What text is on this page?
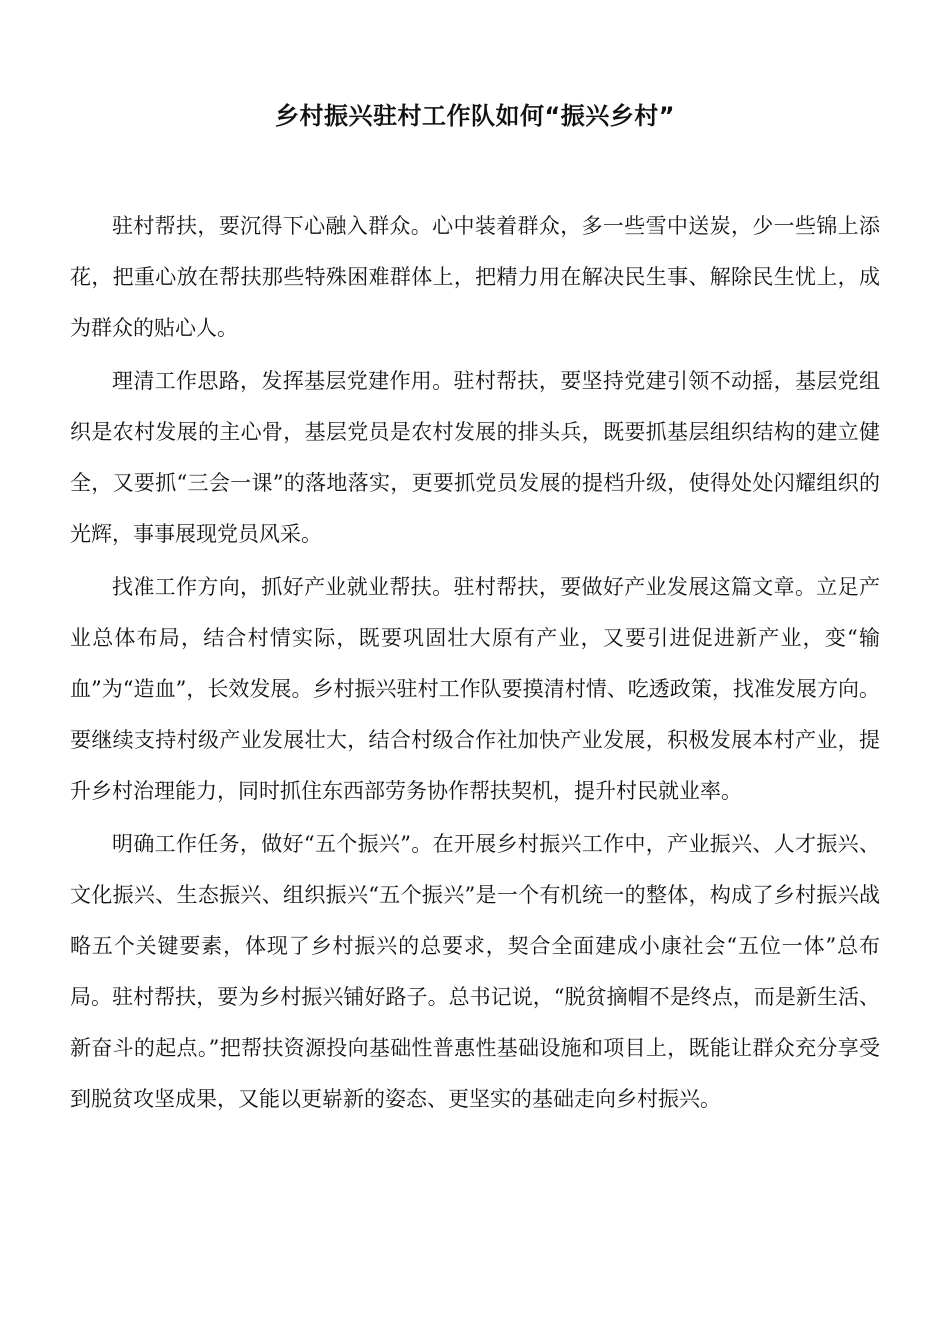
乡村振兴驻村工作队如何“振兴乡村”

驻村帮扶，要沉得下心融入群众。心中装着群众，多一些雪中送炭，少一些锦上添花，把重心放在帮扶那些特殊困难群体上，把精力用在解决民生事、解除民生忧上，成为群众的贴心人。

理清工作思路，发挥基层党建作用。驻村帮扶，要坚持党建引领不动摇，基层党组织是农村发展的主心骨，基层党员是农村发展的排头兵，既要抓基层组织结构的建立健全，又要抓“三会一课”的落地落实，更要抓党员发展的提档升级，使得处处闪耀组织的光辉，事事展现党员风采。

找准工作方向，抓好产业就业帮扶。驻村帮扶，要做好产业发展这篇文章。立足产业总体布局，结合村情实际，既要巩固壮大原有产业，又要引进促进新产业，变“输血”为“造血”，长效发展。乡村振兴驻村工作队要摸清村情、吃透政策，找准发展方向。要继续支持村级产业发展壮大，结合村级合作社加快产业发展，积极发展本村产业，提升乡村治理能力，同时抓住东西部劳务协作帮扶契机，提升村民就业率。

明确工作任务，做好“五个振兴”。在开展乡村振兴工作中，产业振兴、人才振兴、文化振兴、生态振兴、组织振兴“五个振兴”是一个有机统一的整体，构成了乡村振兴战略五个关键要素，体现了乡村振兴的总要求，契合全面建成小康社会“五位一体”总布局。驻村帮扶，要为乡村振兴铺好路子。总书记说，“脱贫摘帽不是终点，而是新生活、新奋斗的起点。”把帮扶资源投向基础性普惠性基础设施和项目上，既能让群众充分享受到脱贫攻坚成果，又能以更崭新的姿态、更坚实的基础走向乡村振兴。
